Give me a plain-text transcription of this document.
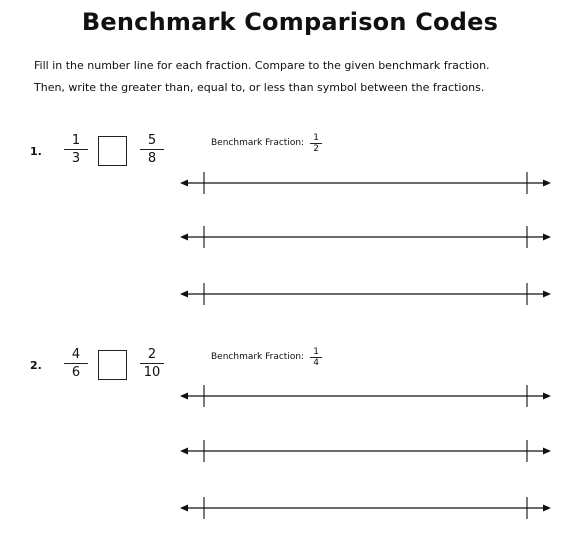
Benchmark Comparison Codes
Fill in the number line for each fraction. Compare to the given benchmark fraction.
Then, write the greater than, equal to, or less than symbol between the fractions.
1.
1
3
5
8
Benchmark Fraction: $\frac{1}{2}$
2.
4
6
2
10
Benchmark Fraction: $\frac{1}{4}$
